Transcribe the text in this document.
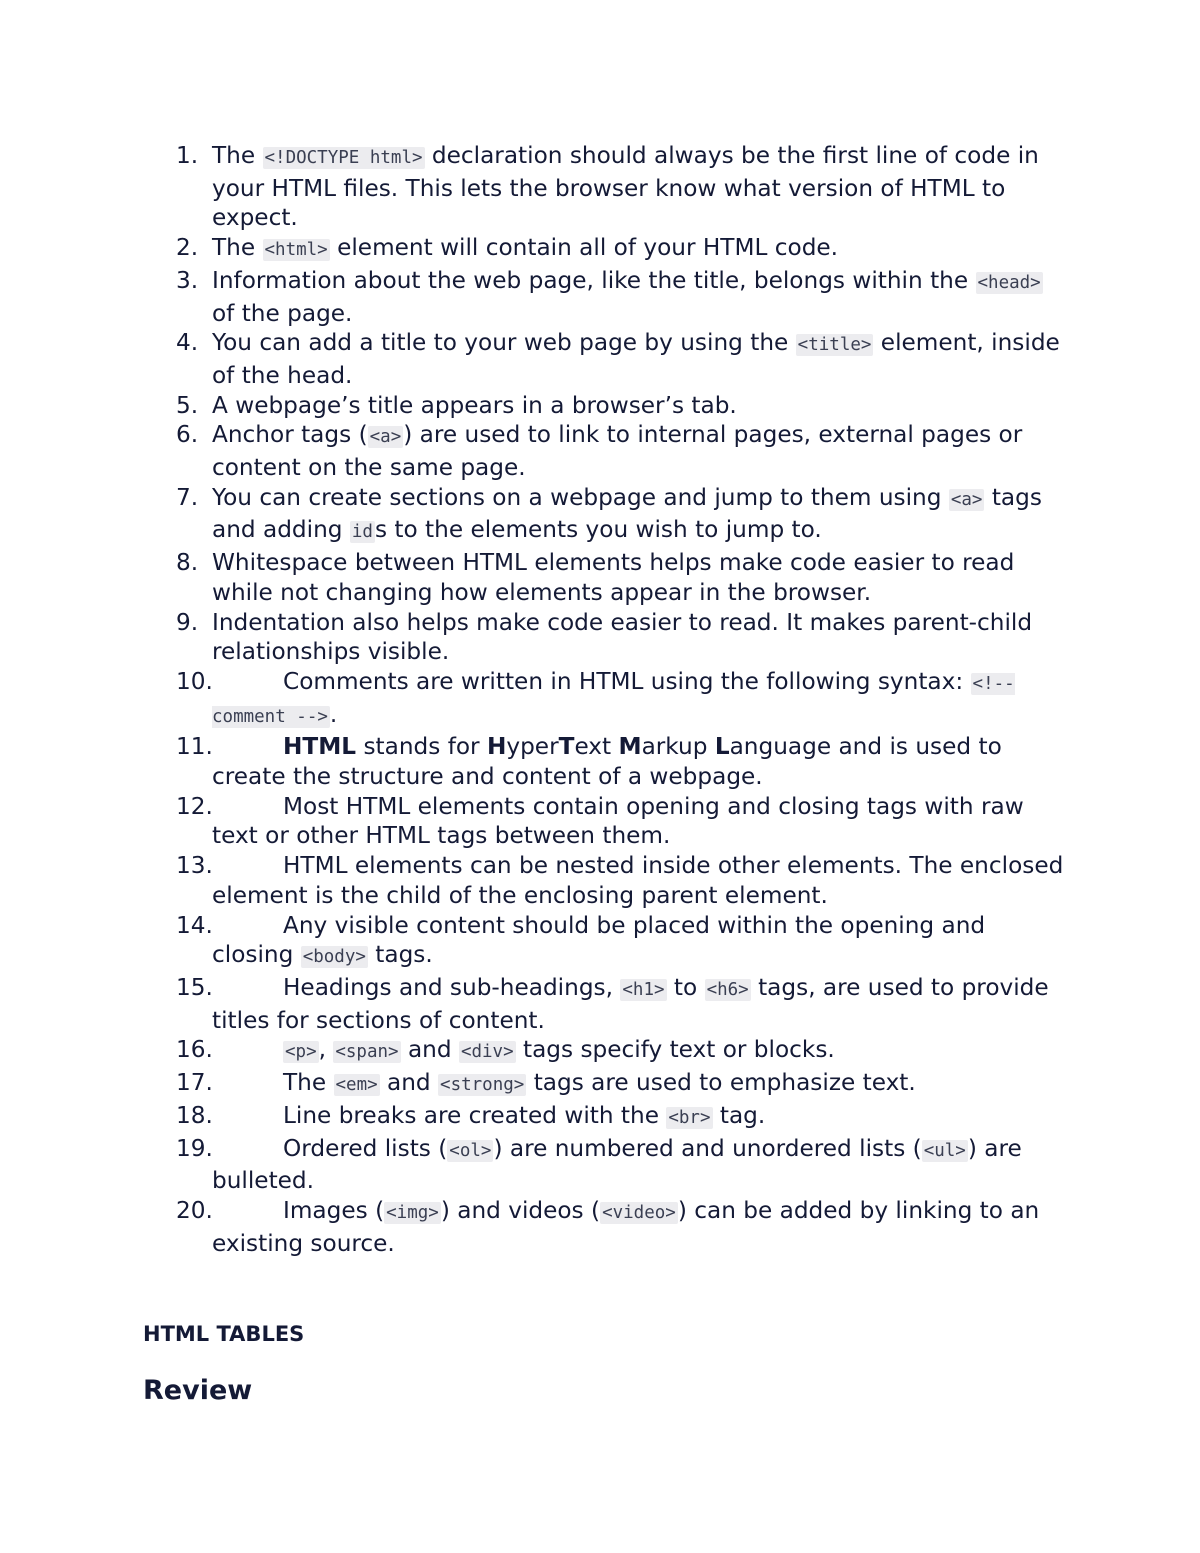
1. The <!DOCTYPE html> declaration should always be the first line of code in your HTML files. This lets the browser know what version of HTML to expect.
2. The <html> element will contain all of your HTML code.
3. Information about the web page, like the title, belongs within the <head> of the page.
4. You can add a title to your web page by using the <title> element, inside of the head.
5. A webpage’s title appears in a browser’s tab.
6. Anchor tags ( <a>) are used to link to internal pages, external pages or content on the same page.
7. You can create sections on a webpage and jump to them using <a> tags and adding ids to the elements you wish to jump to.
8. Whitespace between HTML elements helps make code easier to read while not changing how elements appear in the browser.
9. Indentation also helps make code easier to read. It makes parent-child relationships visible.
10.	Comments are written in HTML using the following syntax: <!-- comment -->.
11.	HTML stands for HyperText Markup Language and is used to create the structure and content of a webpage.
12.	Most HTML elements contain opening and closing tags with raw text or other HTML tags between them.
13.	HTML elements can be nested inside other elements. The enclosed element is the child of the enclosing parent element.
14.	Any visible content should be placed within the opening and closing <body> tags.
15.	Headings and sub-headings, <h1> to <h6> tags, are used to provide titles for sections of content.
16.	<p>, <span> and <div> tags specify text or blocks.
17.	The <em> and <strong> tags are used to emphasize text.
18.	Line breaks are created with the <br> tag.
19.	Ordered lists ( <ol>) are numbered and unordered lists ( <ul>) are bulleted.
20.	Images ( <img>) and videos ( <video>) can be added by linking to an existing source.
HTML TABLES
Review
